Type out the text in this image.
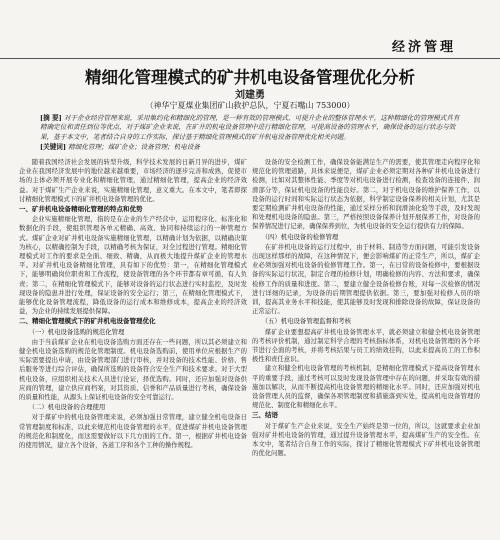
经济管理
精细化管理模式的矿井机电设备管理优化分析
刘建勇
（神华宁夏煤业集团矿山救护总队，宁夏石嘴山 753000）
[摘 要] 对于企业经营管理来说，采用集约化和精细化的管理，是一种有效的管理模式，可提升企业的整体管理水平，这种精细化的管理模式具有精确定位和责任到位等优点，对于煤矿企业来说，在矿井的机电设备管理中进行精细化管理，可提高设备的管理水平，确保设备的运行状态与效果，基于本文中，笔者结合自身的工作实际，探讨基于精细化管理模式的矿井机电设备管理优化相关问题。
[关键词] 精细化管理；煤矿企业；设备管理；机电设备

随着我国经济社会发展的转型升级，科学技术发展的日新月异的进步，煤矿企业在我国经济发展中的地位越来越重要，市场经济的逐步完善和成熟，促使市场的主体必须开展专业化和精细化管理，通过精细化管理，提高企业的经济效益。对于煤矿生产企业来说，实施精细化管理，意义重大。在本文中，笔者即探讨精细化管理模式下的矿井机电设备管理的优化。

一、矿井机电设备精细化管理的特点和优势

企业实施精细化管理，指的是在企业的生产经营中，运用程序化、标准化和数据化的手段，使组织管理各单元精确、高效、协同和持续运行的一种管理方式。煤矿企业对矿井机电设备实施精细化管理，以精确计划为依据，以精确决策为核心，以精确控制为手段，以精确考核为保证，对全过程进行管理。精细化管理模式对工作的要求是全面、细致、精确，从而极大地提升煤矿企业的管理水平。对矿井机电设备精细化管理，具有如下的优势：第一，在精细化管理模式下，能够明确岗位职责和工作流程，使设备管理的各个环节都有章可循，有人负责；第二，在精细化管理模式下，能够对设备的运行状态进行实时监控，及时发现设备的隐患并进行处理，保证设备的安全运行；第三，在精细化管理模式下，能够优化设备管理流程，降低设备的运行成本和维修成本，提高企业的经济效益，为企业的持续发展提供保障。

二、精细化管理模式下的矿井机电设备管理优化
（一）机电设备选购的规范化管理

由于当前煤矿企业在机电设备选购方面还存在一些问题，所以其必须建立和健全机电设备选购的规范化管理制度。机电设备选购前，使用单位应根据生产的实际需要提出申请，由设备管理部门进行审核，并对设备的技术性能、价格、售后服务等进行综合评估，确保所选购的设备符合安全生产和技术要求。对于大型机电设备，应组织相关技术人员进行论证，择优选购。同时，还应加强对设备供应商的管理，建立供应商档案，对其资质、信誉和产品质量进行考核，确保设备的质量和性能，从源头上保证机电设备的安全可靠运行。

（二）机电设备的合理使用

对于煤矿中的机电设备管理来说，必须加强日常管理，建立健全机电设备日常管理制度和标准，以此来规范机电设备管理的水平，促进煤矿井机电设备管理的规范化和制度化，而这需要做好以下几方面的工作。第一，根据矿井机电设备的使用情况，建立各个设备，各道工序和各个工种的操作规程。

设备的安全检测工作，确保设备能满足生产的需要，使其管理走向程序化和规范化的管理道路，具体来说便是，煤矿企业必须定期对各种矿井机电设备进行检测，比如对其整体性能、季度等对机电设备进行检测，检查设备的连接件、润滑部分等，保证机电设备的性能良好。第二，对于机电设备的维护保养工作，以设备的运行时间和实际运行状态为依据，科学制定设备保养的相关计划，尤其是要定期检测矿井机电设备的性能，通过采样分析和润滑油化验等手段，及时发现和处理机电设备的隐患。第三，严格按照设备保养计划开展保养工作，对设备的保养情况进行记录，确保保养到位，为机电设备的安全运行提供有力的保障。

（四）机电设备的检修管理

在矿井机电设备的运行过程中，由于材料、制造等方面问题，可能引发设备出现这样那样的故障，在这种情况下，便会影响煤矿的正常生产，所以，煤矿企业必须加强对机电设备的检修管理工作。第一，在日常的设备检修中，要根据设备的实际运行状况，制定合理的检修计划，明确检修的内容、方法和要求，确保检修工作的质量和进度。第二，要建立健全设备检修台账，对每一次检修的情况进行详细的记录，为设备的后期管理提供依据。第三，要加强对检修人员的培训，提高其业务水平和技能，使其能够及时发现和排除设备的故障，保证设备的正常运行。

（五）机电设备管理监督和考核

煤矿企业要想提高矿井机电设备管理水平，就必须建立和健全机电设备管理的考核评价机制，通过制定科学合理的考核指标体系，对机电设备管理的各个环节进行全面的考核，并将考核结果与员工的绩效挂钩，以此来提高员工的工作积极性和责任意识。

建立和健全机电设备管理的考核机制，是精细化管理模式下提高设备管理水平的重要手段，通过考核可以及时发现设备管理中存在的问题，并采取有效的措施加以解决，从而不断提高机电设备管理的精细化水平。同时，还应加强对机电设备管理人员的监督，确保各项管理制度和措施落到实处，提高机电设备管理的规范化、制度化和精细化水平。

三、结语

对于煤矿生产企业来说，安全生产始终是第一位的，所以，这就要求企业加强对矿井机电设备的管理，通过提升设备管理水平，提高煤矿生产的安全性。在本文中，笔者结合自身工作的实际，探讨了精细化管理模式下矿井机电设备管理的优化问题。
